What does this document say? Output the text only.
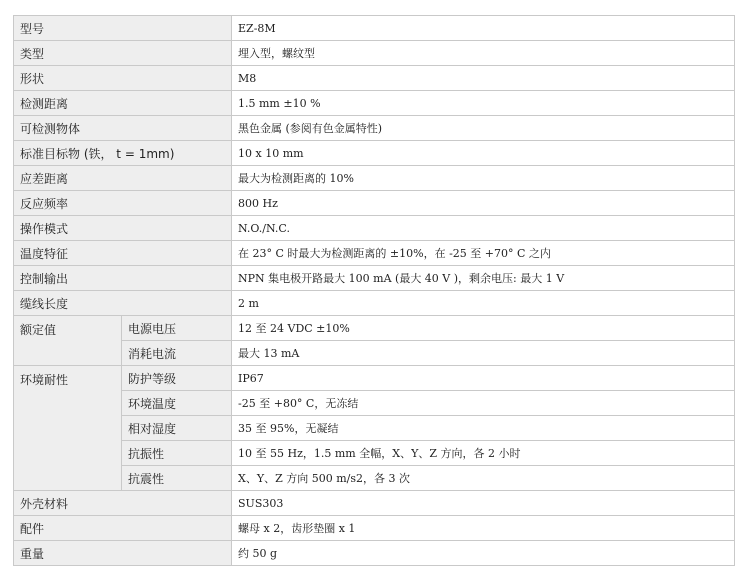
型号		EZ-8M
类型		埋入型，螺纹型
形状		M8
检测距离		1.5 mm ±10 %
可检测物体		黑色金属 (参阅有色金属特性)
标准目标物 (铁， t = 1mm)		10 x 10 mm
应差距离		最大为检测距离的 10%
反应频率		800 Hz
操作模式		N.O./N.C.
温度特征		在 23° C 时最大为检测距离的 ±10%，在 -25 至 +70° C 之内
控制输出		NPN 集电极开路最大 100 mA (最大 40 V )，剩余电压: 最大 1 V
缆线长度		2 m
额定值	电源电压	12 至 24 VDC ±10%
	消耗电流	最大 13 mA
环境耐性	防护等级	IP67
	环境温度	-25 至 +80° C，无冻结
	相对湿度	35 至 95%，无凝结
	抗振性	10 至 55 Hz，1.5 mm 全幅，X、Y、Z 方向，各 2 小时
	抗震性	X、Y、Z 方向 500 m/s2，各 3 次
外壳材料		SUS303
配件		螺母 x 2，齿形垫圈 x 1
重量		约 50 g
